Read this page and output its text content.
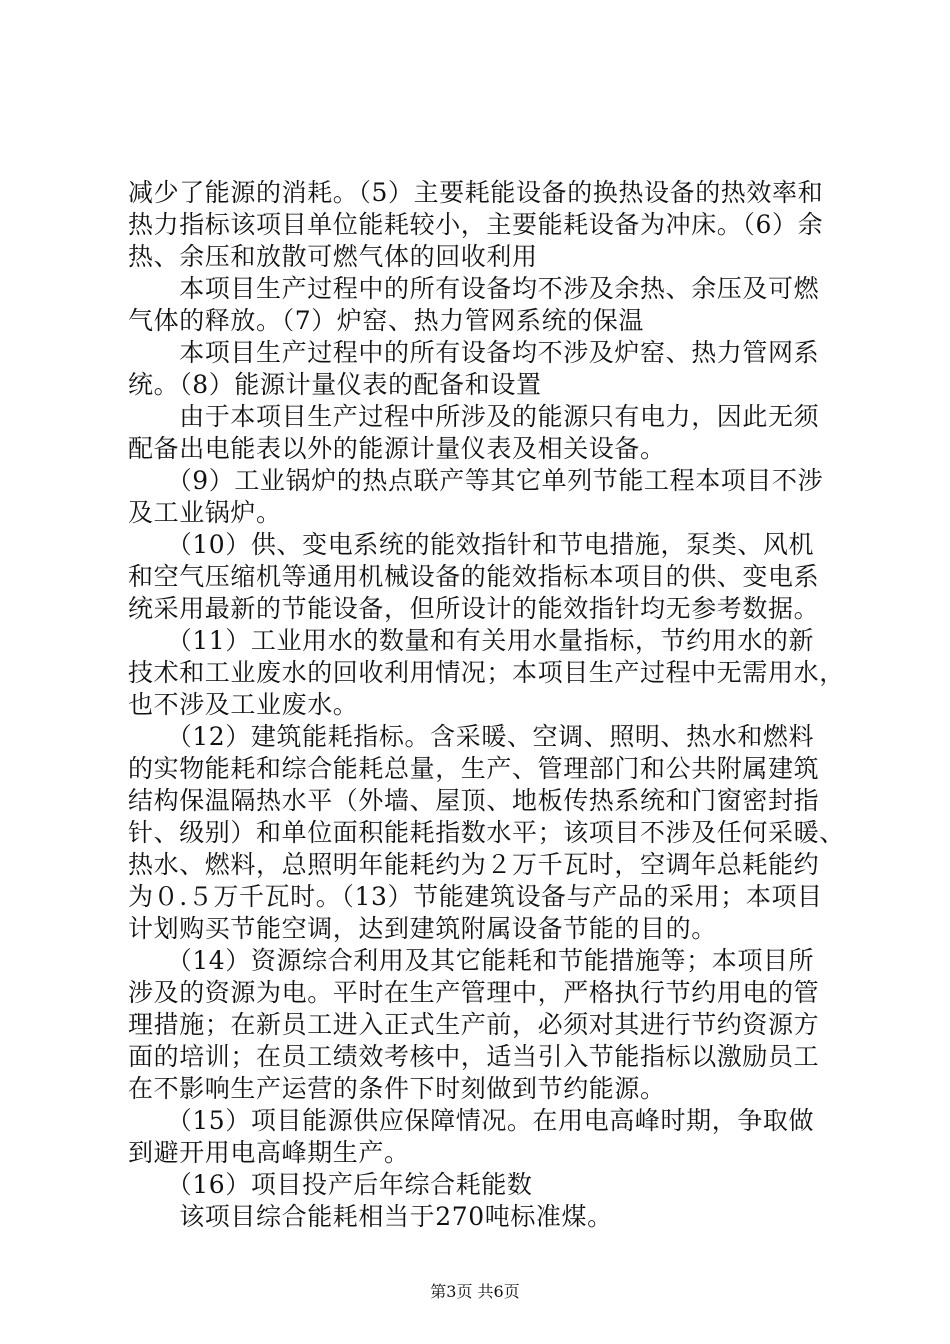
减少了能源的消耗。（5）主要耗能设备的换热设备的热效率和
热力指标该项目单位能耗较小，主要能耗设备为冲床。（6）余
热、余压和放散可燃气体的回收利用
　　本项目生产过程中的所有设备均不涉及余热、余压及可燃
气体的释放。（7）炉窑、热力管网系统的保温
　　本项目生产过程中的所有设备均不涉及炉窑、热力管网系
统。（8）能源计量仪表的配备和设置
　　由于本项目生产过程中所涉及的能源只有电力，因此无须
配备出电能表以外的能源计量仪表及相关设备。
　　（9）工业锅炉的热点联产等其它单列节能工程本项目不涉
及工业锅炉。
　　（10）供、变电系统的能效指针和节电措施，泵类、风机
和空气压缩机等通用机械设备的能效指标本项目的供、变电系
统采用最新的节能设备，但所设计的能效指针均无参考数据。
　　（11）工业用水的数量和有关用水量指标，节约用水的新
技术和工业废水的回收利用情况；本项目生产过程中无需用水，
也不涉及工业废水。
　　（12）建筑能耗指标。含采暖、空调、照明、热水和燃料
的实物能耗和综合能耗总量，生产、管理部门和公共附属建筑
结构保温隔热水平（外墙、屋顶、地板传热系统和门窗密封指
针、级别）和单位面积能耗指数水平；该项目不涉及任何采暖、
热水、燃料，总照明年能耗约为２万千瓦时，空调年总耗能约
为０.５万千瓦时。（13）节能建筑设备与产品的采用；本项目
计划购买节能空调，达到建筑附属设备节能的目的。
　　（14）资源综合利用及其它能耗和节能措施等；本项目所
涉及的资源为电。平时在生产管理中，严格执行节约用电的管
理措施；在新员工进入正式生产前，必须对其进行节约资源方
面的培训；在员工绩效考核中，适当引入节能指标以激励员工
在不影响生产运营的条件下时刻做到节约能源。
　　（15）项目能源供应保障情况。在用电高峰时期，争取做
到避开用电高峰期生产。
　　（16）项目投产后年综合耗能数
　　该项目综合能耗相当于270吨标准煤。
第3页 共6页
